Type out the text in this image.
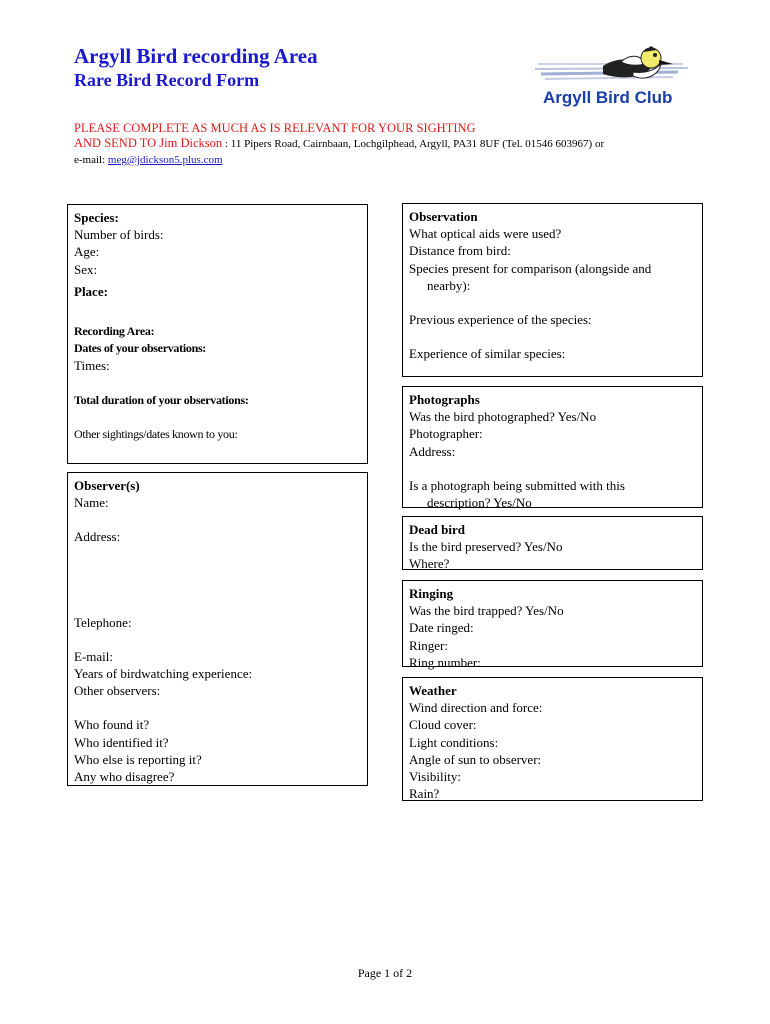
Argyll Bird recording Area
Rare Bird Record Form
Argyll Bird Club
PLEASE COMPLETE AS MUCH AS IS RELEVANT FOR YOUR SIGHTING
AND SEND TO Jim Dickson : 11 Pipers Road, Cairnbaan, Lochgilphead, Argyll, PA31 8UF (Tel. 01546 603967) or
e-mail: meg@jdickson5.plus.com
Species:
Number of birds:
Age:
Sex:
Place:
Recording Area:
Dates of your observations:
Times:
Total duration of your observations:
Other sightings/dates known to you:
Observer(s)
Name:
Address:
Telephone:
E-mail:
Years of birdwatching experience:
Other observers:
Who found it?
Who identified it?
Who else is reporting it?
Any who disagree?
Observation
What optical aids were used?
Distance from bird:
Species present for comparison (alongside and
nearby):
Previous experience of the species:
Experience of similar species:
Photographs
Was the bird photographed? Yes/No
Photographer:
Address:
Is a photograph being submitted with this
description? Yes/No
Dead bird
Is the bird preserved? Yes/No
Where?
Ringing
Was the bird trapped? Yes/No
Date ringed:
Ringer:
Ring number:
Weather
Wind direction and force:
Cloud cover:
Light conditions:
Angle of sun to observer:
Visibility:
Rain?
Page 1 of 2
